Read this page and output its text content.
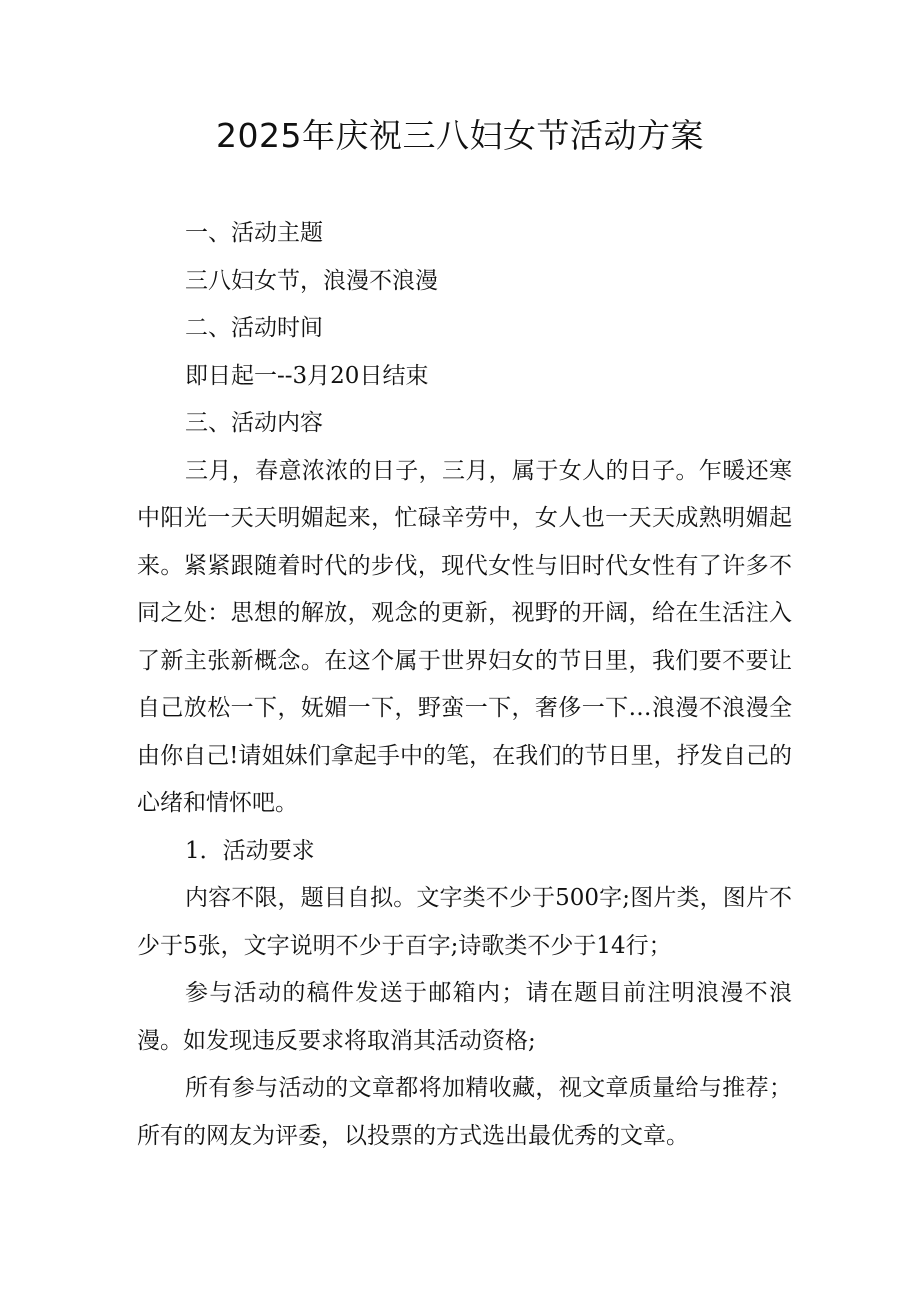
2025年庆祝三八妇女节活动方案

一、活动主题

三八妇女节，浪漫不浪漫

二、活动时间

即日起一--3月20日结束

三、活动内容

三月，春意浓浓的日子，三月，属于女人的日子。乍暖还寒中阳光一天天明媚起来，忙碌辛劳中，女人也一天天成熟明媚起来。紧紧跟随着时代的步伐，现代女性与旧时代女性有了许多不同之处：思想的解放，观念的更新，视野的开阔，给在生活注入了新主张新概念。在这个属于世界妇女的节日里，我们要不要让自己放松一下，妩媚一下，野蛮一下，奢侈一下…浪漫不浪漫全由你自己!请姐妹们拿起手中的笔，在我们的节日里，抒发自己的心绪和情怀吧。

1．活动要求

内容不限，题目自拟。文字类不少于500字;图片类，图片不少于5张，文字说明不少于百字;诗歌类不少于14行；

参与活动的稿件发送于邮箱内；请在题目前注明浪漫不浪漫。如发现违反要求将取消其活动资格;

所有参与活动的文章都将加精收藏，视文章质量给与推荐；所有的网友为评委，以投票的方式选出最优秀的文章。
